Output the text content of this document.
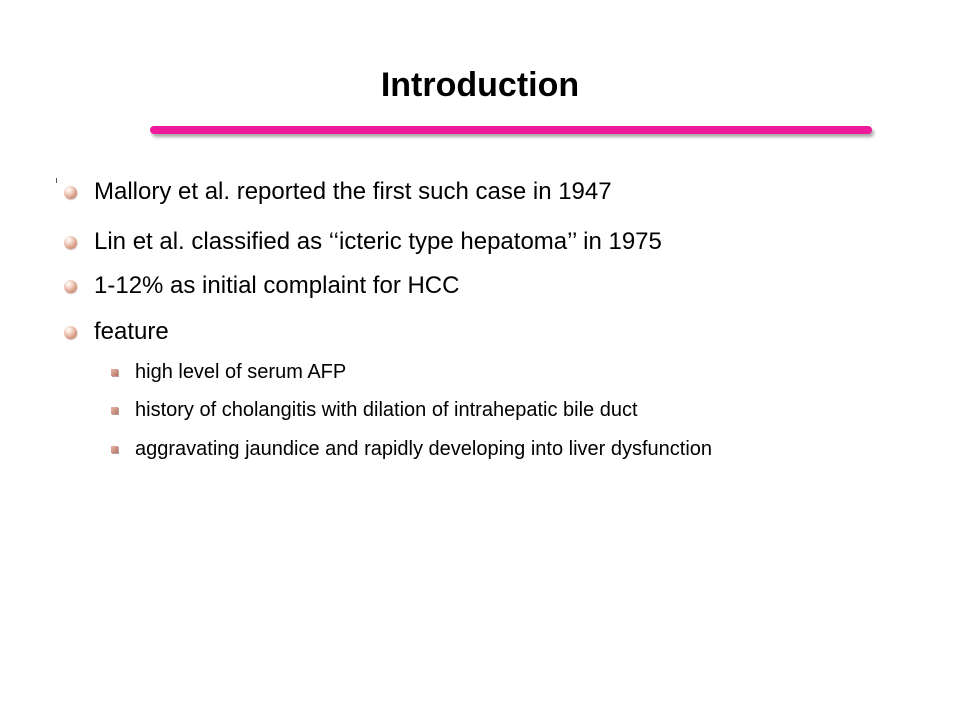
Introduction
Mallory et al. reported the first such case in 1947
Lin et al. classified as ‘‘icteric type hepatoma’’ in 1975
1-12% as initial complaint for HCC
feature
high level of serum AFP
history of cholangitis with dilation of intrahepatic bile duct
aggravating jaundice and rapidly developing into liver dysfunction
